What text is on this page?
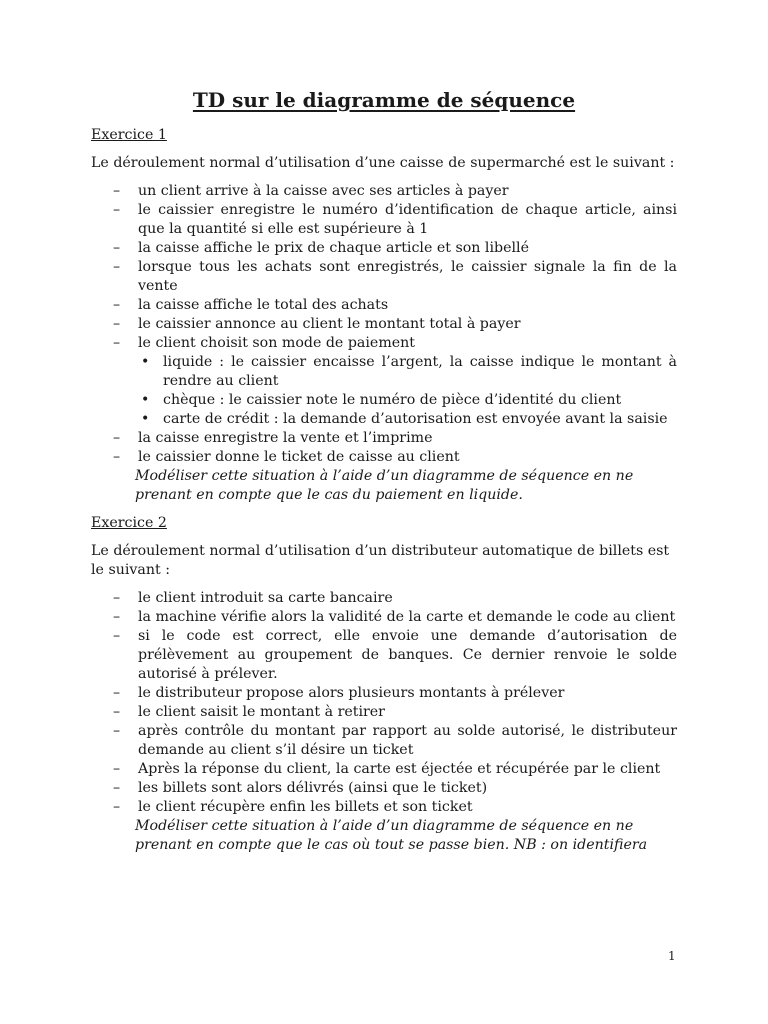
TD sur le diagramme de séquence

Exercice 1

Le déroulement normal d’utilisation d’une caisse de supermarché est le suivant :

– un client arrive à la caisse avec ses articles à payer
– le caissier enregistre le numéro d’identification de chaque article, ainsi que la quantité si elle est supérieure à 1
– la caisse affiche le prix de chaque article et son libellé
– lorsque tous les achats sont enregistrés, le caissier signale la fin de la vente
– la caisse affiche le total des achats
– le caissier annonce au client le montant total à payer
– le client choisit son mode de paiement
• liquide : le caissier encaisse l’argent, la caisse indique le montant à rendre au client
• chèque : le caissier note le numéro de pièce d’identité du client
• carte de crédit : la demande d’autorisation est envoyée avant la saisie
– la caisse enregistre la vente et l’imprime
– le caissier donne le ticket de caisse au client

Modéliser cette situation à l’aide d’un diagramme de séquence en ne prenant en compte que le cas du paiement en liquide.

Exercice 2

Le déroulement normal d’utilisation d’un distributeur automatique de billets est le suivant :

– le client introduit sa carte bancaire
– la machine vérifie alors la validité de la carte et demande le code au client
– si le code est correct, elle envoie une demande d’autorisation de prélèvement au groupement de banques. Ce dernier renvoie le solde autorisé à prélever.
– le distributeur propose alors plusieurs montants à prélever
– le client saisit le montant à retirer
– après contrôle du montant par rapport au solde autorisé, le distributeur demande au client s’il désire un ticket
– Après la réponse du client, la carte est éjectée et récupérée par le client
– les billets sont alors délivrés (ainsi que le ticket)
– le client récupère enfin les billets et son ticket

Modéliser cette situation à l’aide d’un diagramme de séquence en ne prenant en compte que le cas où tout se passe bien. NB : on identifiera

1
